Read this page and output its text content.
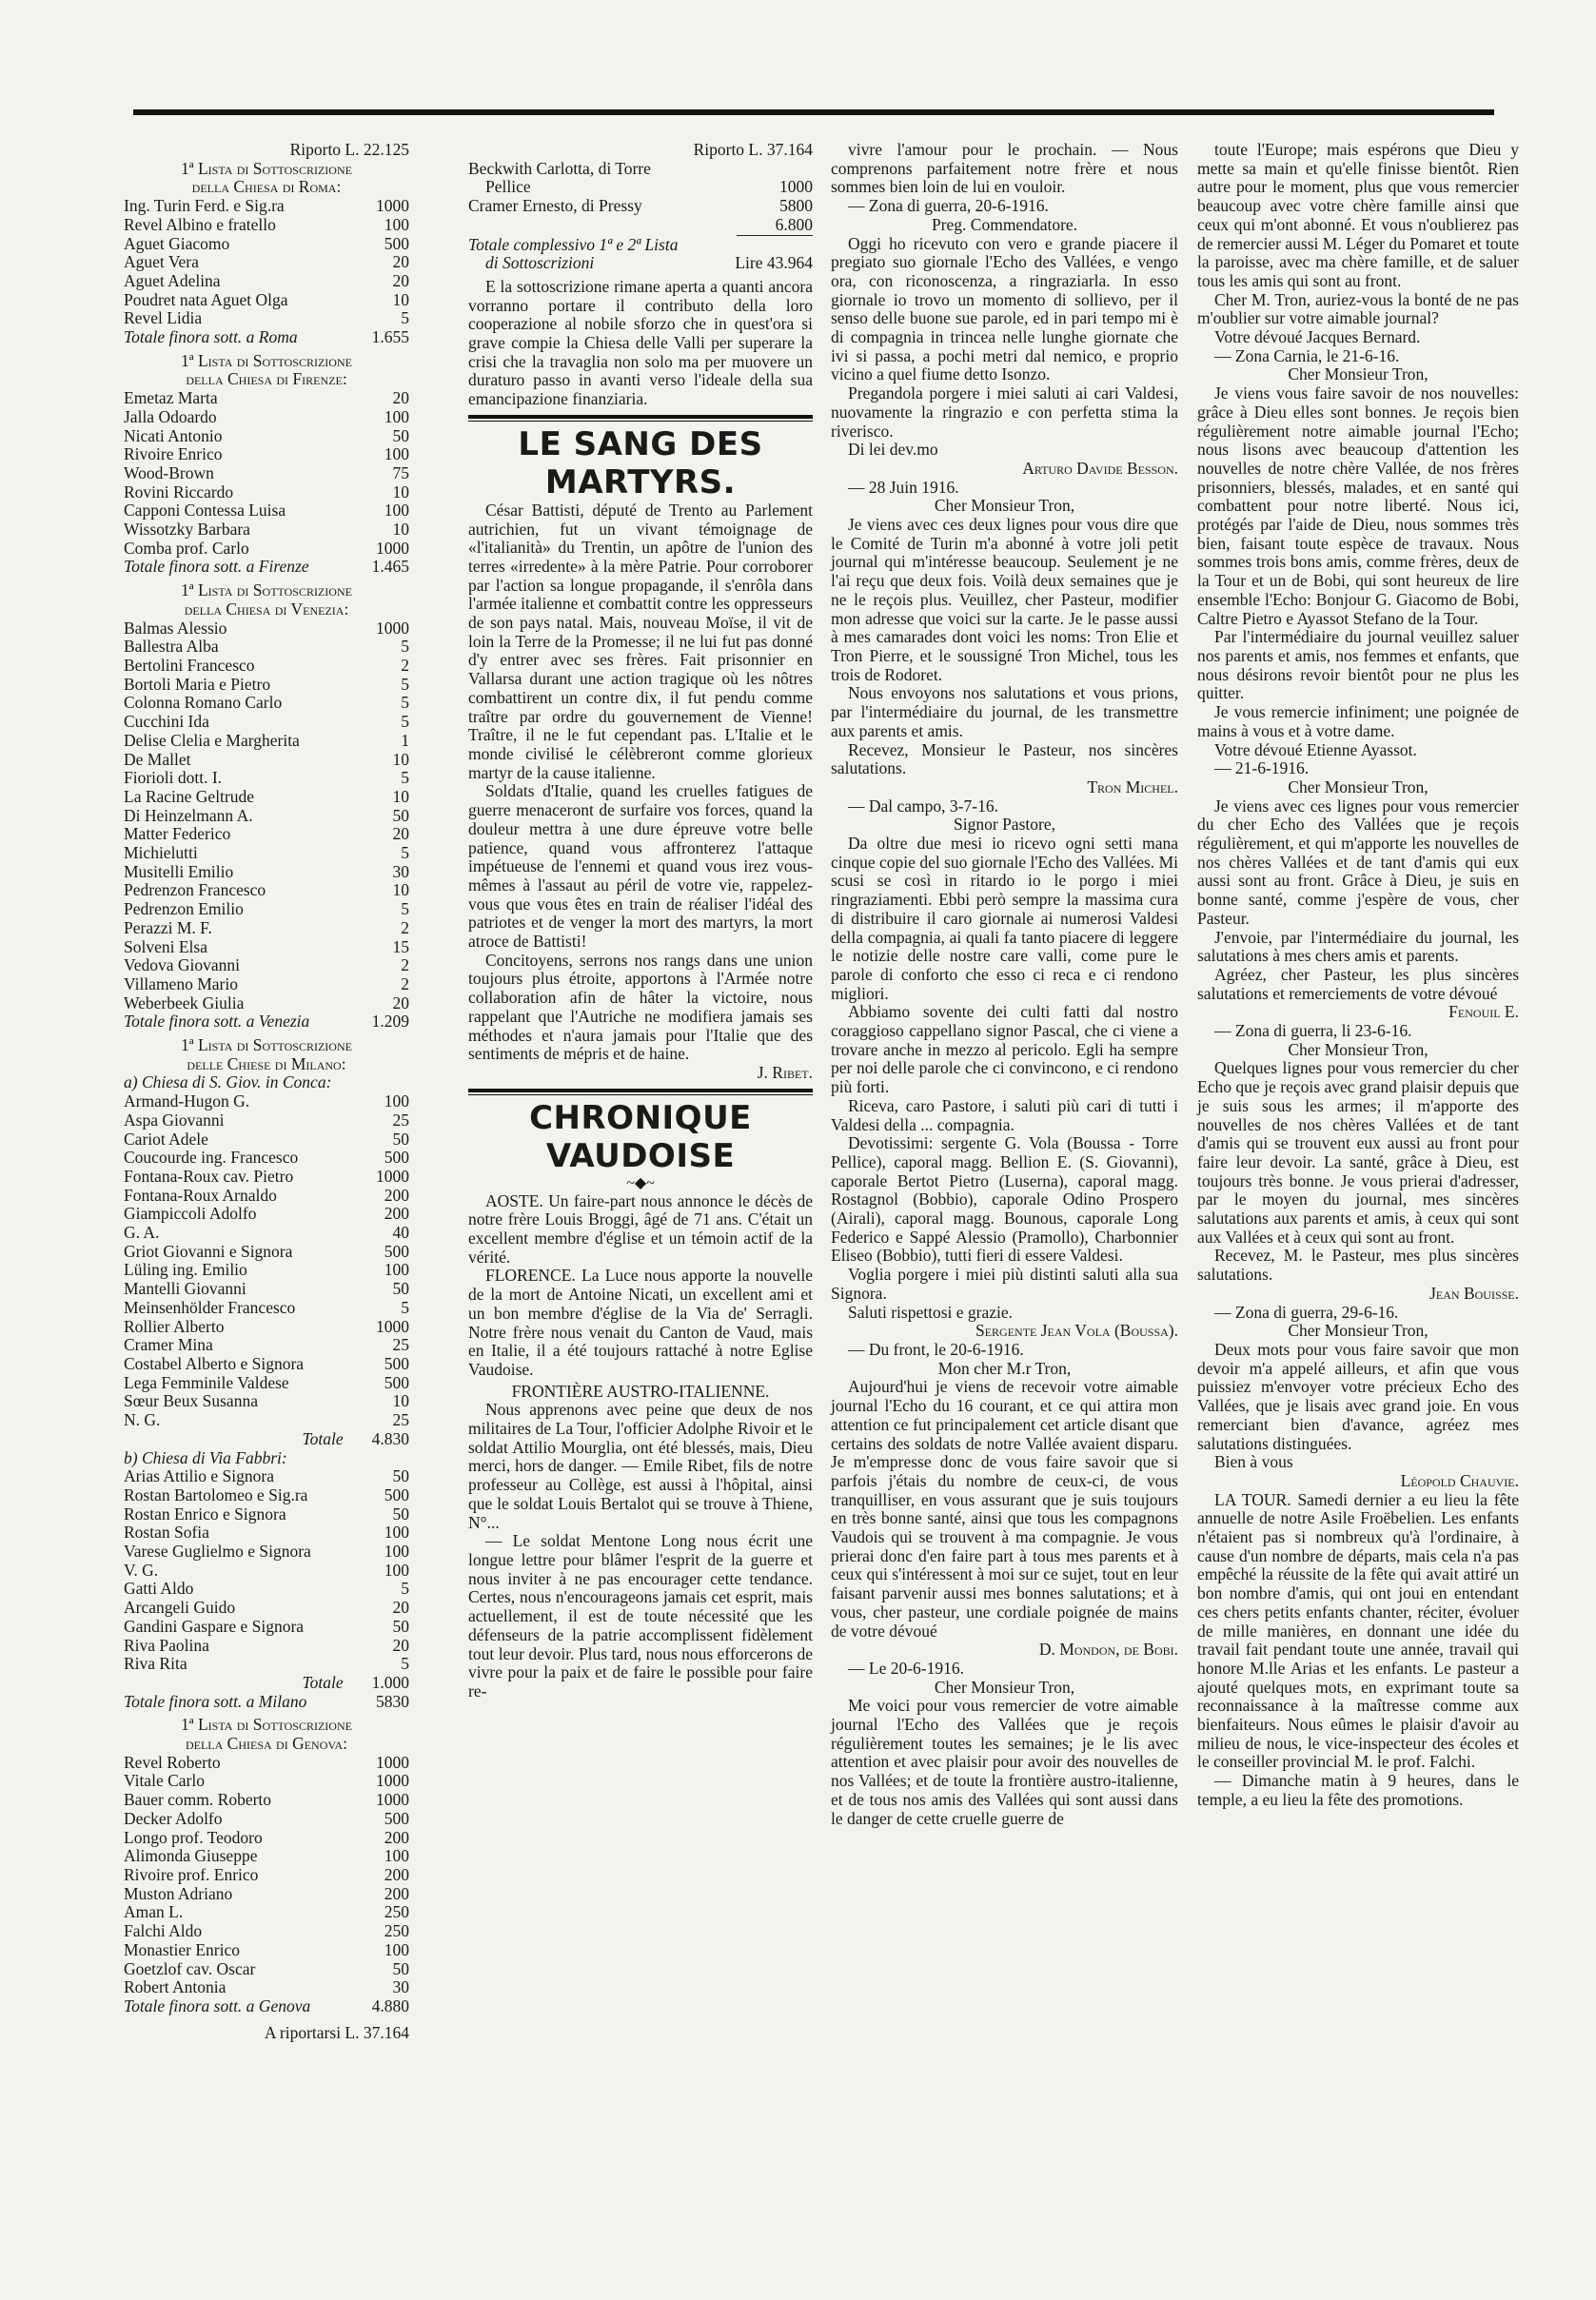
Riporto L. 22.125
1ª Lista di Sottoscrizione
della Chiesa di Roma:
Ing. Turin Ferd. e Sig.ra	1000
Revel Albino e fratello	100
Aguet Giacomo	500
Aguet Vera	20
Aguet Adelina	20
Poudret nata Aguet Olga	10
Revel Lidia	5
Totale finora sott. a Roma	1.655
1ª Lista di Sottoscrizione
della Chiesa di Firenze:
Emetaz Marta	20
Jalla Odoardo	100
Nicati Antonio	50
Rivoire Enrico	100
Wood-Brown	75
Rovini Riccardo	10
Capponi Contessa Luisa	100
Wissotzky Barbara	10
Comba prof. Carlo	1000
Totale finora sott. a Firenze	1.465
1ª Lista di Sottoscrizione
della Chiesa di Venezia:
Balmas Alessio	1000
Ballestra Alba	5
Bertolini Francesco	2
Bortoli Maria e Pietro	5
Colonna Romano Carlo	5
Cucchini Ida	5
Delise Clelia e Margherita	1
De Mallet	10
Fiorioli dott. I.	5
La Racine Geltrude	10
Di Heinzelmann A.	50
Matter Federico	20
Michielutti	5
Musitelli Emilio	30
Pedrenzon Francesco	10
Pedrenzon Emilio	5
Perazzi M. F.	2
Solveni Elsa	15
Vedova Giovanni	2
Villameno Mario	2
Weberbeek Giulia	20
Totale finora sott. a Venezia	1.209
1ª Lista di Sottoscrizione
delle Chiese di Milano:
a) Chiesa di S. Giov. in Conca:
Armand-Hugon G.	100
Aspa Giovanni	25
Cariot Adele	50
Coucourde ing. Francesco	500
Fontana-Roux cav. Pietro	1000
Fontana-Roux Arnaldo	200
Giampiccoli Adolfo	200
G. A.	40
Griot Giovanni e Signora	500
Lüling ing. Emilio	100
Mantelli Giovanni	50
Meinsenhölder Francesco	5
Rollier Alberto	1000
Cramer Mina	25
Costabel Alberto e Signora	500
Lega Femminile Valdese	500
Sœur Beux Susanna	10
N. G.	25
Totale 4.830
b) Chiesa di Via Fabbri:
Arias Attilio e Signora	50
Rostan Bartolomeo e Sig.ra	500
Rostan Enrico e Signora	50
Rostan Sofia	100
Varese Guglielmo e Signora	100
V. G.	100
Gatti Aldo	5
Arcangeli Guido	20
Gandini Gaspare e Signora	50
Riva Paolina	20
Riva Rita	5
Totale 1.000
Totale finora sott. a Milano	5830
1ª Lista di Sottoscrizione
della Chiesa di Genova:
Revel Roberto	1000
Vitale Carlo	1000
Bauer comm. Roberto	1000
Decker Adolfo	500
Longo prof. Teodoro	200
Alimonda Giuseppe	100
Rivoire prof. Enrico	200
Muston Adriano	200
Aman L.	250
Falchi Aldo	250
Monastier Enrico	100
Goetzlof cav. Oscar	50
Robert Antonia	30
Totale finora sott. a Genova	4.880
A riportarsi L. 37.164
Riporto L. 37.164
Beckwith Carlotta, di Torre
Pellice	1000
Cramer Ernesto, di Pressy	5800
6.800
Totale complessivo 1ª e 2ª Lista
di Sottoscrizioni	Lire 43.964

E la sottoscrizione rimane aperta a quanti ancora vorranno portare il contributo della loro cooperazione al nobile sforzo che in quest'ora si grave compie la Chiesa delle Valli per superare la crisi che la travaglia non solo ma per muovere un duraturo passo in avanti verso l'ideale della sua emancipazione finanziaria.

LE SANG DES MARTYRS.

César Battisti, député de Trento au Parlement autrichien, fut un vivant témoignage de «l'italianità» du Trentin, un apôtre de l'union des terres «irredente» à la mère Patrie. Pour corroborer par l'action sa longue propagande, il s'enrôla dans l'armée italienne et combattit contre les oppresseurs de son pays natal. Mais, nouveau Moïse, il vit de loin la Terre de la Promesse; il ne lui fut pas donné d'y entrer avec ses frères. Fait prisonnier en Vallarsa durant une action tragique où les nôtres combattirent un contre dix, il fut pendu comme traître par ordre du gouvernement de Vienne! Traître, il ne le fut cependant pas. L'Italie et le monde civilisé le célèbreront comme glorieux martyr de la cause italienne.

Soldats d'Italie, quand les cruelles fatigues de guerre menaceront de surfaire vos forces, quand la douleur mettra à une dure épreuve votre belle patience, quand vous affronterez l'attaque impétueuse de l'ennemi et quand vous irez vous-mêmes à l'assaut au péril de votre vie, rappelez-vous que vous êtes en train de réaliser l'idéal des patriotes et de venger la mort des martyrs, la mort atroce de Battisti!

Concitoyens, serrons nos rangs dans une union toujours plus étroite, apportons à l'Armée notre collaboration afin de hâter la victoire, nous rappelant que l'Autriche ne modifiera jamais ses méthodes et n'aura jamais pour l'Italie que des sentiments de mépris et de haine.

J. Ribet.
CHRONIQUE VAUDOISE
~◆~

AOSTE. Un faire-part nous annonce le décès de notre frère Louis Broggi, âgé de 71 ans. C'était un excellent membre d'église et un témoin actif de la vérité.

FLORENCE. La Luce nous apporte la nouvelle de la mort de Antoine Nicati, un excellent ami et un bon membre d'église de la Via de' Serragli. Notre frère nous venait du Canton de Vaud, mais en Italie, il a été toujours rattaché à notre Eglise Vaudoise.

FRONTIÈRE AUSTRO-ITALIENNE.

Nous apprenons avec peine que deux de nos militaires de La Tour, l'officier Adolphe Rivoir et le soldat Attilio Mourglia, ont été blessés, mais, Dieu merci, hors de danger. — Emile Ribet, fils de notre professeur au Collège, est aussi à l'hôpital, ainsi que le soldat Louis Bertalot qui se trouve à Thiene, N°...

— Le soldat Mentone Long nous écrit une longue lettre pour blâmer l'esprit de la guerre et nous inviter à ne pas encourager cette tendance. Certes, nous n'encourageons jamais cet esprit, mais actuellement, il est de toute nécessité que les défenseurs de la patrie accomplissent fidèlement tout leur devoir. Plus tard, nous nous efforcerons de vivre pour la paix et de faire le possible pour faire re-

vivre l'amour pour le prochain. — Nous comprenons parfaitement notre frère et nous sommes bien loin de lui en vouloir.

— Zona di guerra, 20-6-1916.

Preg. Commendatore.

Oggi ho ricevuto con vero e grande piacere il pregiato suo giornale l'Echo des Vallées, e vengo ora, con riconoscenza, a ringraziarla. In esso giornale io trovo un momento di sollievo, per il senso delle buone sue parole, ed in pari tempo mi è di compagnia in trincea nelle lunghe giornate che ivi si passa, a pochi metri dal nemico, e proprio vicino a quel fiume detto Isonzo.

Pregandola porgere i miei saluti ai cari Valdesi, nuovamente la ringrazio e con perfetta stima la riverisco.

Di lei dev.mo

Arturo Davide Besson.

— 28 Juin 1916.

Cher Monsieur Tron,

Je viens avec ces deux lignes pour vous dire que le Comité de Turin m'a abonné à votre joli petit journal qui m'intéresse beaucoup. Seulement je ne l'ai reçu que deux fois. Voilà deux semaines que je ne le reçois plus. Veuillez, cher Pasteur, modifier mon adresse que voici sur la carte. Je le passe aussi à mes camarades dont voici les noms: Tron Elie et Tron Pierre, et le soussigné Tron Michel, tous les trois de Rodoret.

Nous envoyons nos salutations et vous prions, par l'intermédiaire du journal, de les transmettre aux parents et amis.

Recevez, Monsieur le Pasteur, nos sincères salutations.

Tron Michel.

— Dal campo, 3-7-16.

Signor Pastore,

Da oltre due mesi io ricevo ogni setti mana cinque copie del suo giornale l'Echo des Vallées. Mi scusi se così in ritardo io le porgo i miei ringraziamenti. Ebbi però sempre la massima cura di distribuire il caro giornale ai numerosi Valdesi della compagnia, ai quali fa tanto piacere di leggere le notizie delle nostre care valli, come pure le parole di conforto che esso ci reca e ci rendono migliori.

Abbiamo sovente dei culti fatti dal nostro coraggioso cappellano signor Pascal, che ci viene a trovare anche in mezzo al pericolo. Egli ha sempre per noi delle parole che ci convincono, e ci rendono più forti.

Riceva, caro Pastore, i saluti più cari di tutti i Valdesi della ... compagnia.

Devotissimi: sergente G. Vola (Boussa - Torre Pellice), caporal magg. Bellion E. (S. Giovanni), caporale Bertot Pietro (Luserna), caporal magg. Rostagnol (Bobbio), caporale Odino Prospero (Airali), caporal magg. Bounous, caporale Long Federico e Sappé Alessio (Pramollo), Charbonnier Eliseo (Bobbio), tutti fieri di essere Valdesi.

Voglia porgere i miei più distinti saluti alla sua Signora.

Saluti rispettosi e grazie.

Sergente Jean Vola (Boussa).

— Du front, le 20-6-1916.

Mon cher M.r Tron,

Aujourd'hui je viens de recevoir votre aimable journal l'Echo du 16 courant, et ce qui attira mon attention ce fut principalement cet article disant que certains des soldats de notre Vallée avaient disparu. Je m'empresse donc de vous faire savoir que si parfois j'étais du nombre de ceux-ci, de vous tranquilliser, en vous assurant que je suis toujours en très bonne santé, ainsi que tous les compagnons Vaudois qui se trouvent à ma compagnie. Je vous prierai donc d'en faire part à tous mes parents et à ceux qui s'intéressent à moi sur ce sujet, tout en leur faisant parvenir aussi mes bonnes salutations; et à vous, cher pasteur, une cordiale poignée de mains de votre dévoué

D. Mondon, de Bobi.

— Le 20-6-1916.

Cher Monsieur Tron,

Me voici pour vous remercier de votre aimable journal l'Echo des Vallées que je reçois régulièrement toutes les semaines; je le lis avec attention et avec plaisir pour avoir des nouvelles de nos Vallées; et de toute la frontière austro-italienne, et de tous nos amis des Vallées qui sont aussi dans le danger de cette cruelle guerre de

toute l'Europe; mais espérons que Dieu y mette sa main et qu'elle finisse bientôt. Rien autre pour le moment, plus que vous remercier beaucoup avec votre chère famille ainsi que ceux qui m'ont abonné. Et vous n'oublierez pas de remercier aussi M. Léger du Pomaret et toute la paroisse, avec ma chère famille, et de saluer tous les amis qui sont au front.

Cher M. Tron, auriez-vous la bonté de ne pas m'oublier sur votre aimable journal?

Votre dévoué Jacques Bernard.

— Zona Carnia, le 21-6-16.

Cher Monsieur Tron,

Je viens vous faire savoir de nos nouvelles: grâce à Dieu elles sont bonnes. Je reçois bien régulièrement notre aimable journal l'Echo; nous lisons avec beaucoup d'attention les nouvelles de notre chère Vallée, de nos frères prisonniers, blessés, malades, et en santé qui combattent pour notre liberté. Nous ici, protégés par l'aide de Dieu, nous sommes très bien, faisant toute espèce de travaux. Nous sommes trois bons amis, comme frères, deux de la Tour et un de Bobi, qui sont heureux de lire ensemble l'Echo: Bonjour G. Giacomo de Bobi, Caltre Pietro e Ayassot Stefano de la Tour.

Par l'intermédiaire du journal veuillez saluer nos parents et amis, nos femmes et enfants, que nous désirons revoir bientôt pour ne plus les quitter.

Je vous remercie infiniment; une poignée de mains à vous et à votre dame.

Votre dévoué Etienne Ayassot.

— 21-6-1916.

Cher Monsieur Tron,

Je viens avec ces lignes pour vous remercier du cher Echo des Vallées que je reçois régulièrement, et qui m'apporte les nouvelles de nos chères Vallées et de tant d'amis qui eux aussi sont au front. Grâce à Dieu, je suis en bonne santé, comme j'espère de vous, cher Pasteur.

J'envoie, par l'intermédiaire du journal, les salutations à mes chers amis et parents.

Agréez, cher Pasteur, les plus sincères salutations et remerciements de votre dévoué

Fenouil E.

— Zona di guerra, li 23-6-16.

Cher Monsieur Tron,

Quelques lignes pour vous remercier du cher Echo que je reçois avec grand plaisir depuis que je suis sous les armes; il m'apporte des nouvelles de nos chères Vallées et de tant d'amis qui se trouvent eux aussi au front pour faire leur devoir. La santé, grâce à Dieu, est toujours très bonne. Je vous prierai d'adresser, par le moyen du journal, mes sincères salutations aux parents et amis, à ceux qui sont aux Vallées et à ceux qui sont au front.

Recevez, M. le Pasteur, mes plus sincères salutations.

Jean Bouisse.

— Zona di guerra, 29-6-16.

Cher Monsieur Tron,

Deux mots pour vous faire savoir que mon devoir m'a appelé ailleurs, et afin que vous puissiez m'envoyer votre précieux Echo des Vallées, que je lisais avec grand joie. En vous remerciant bien d'avance, agréez mes salutations distinguées.

Bien à vous

Léopold Chauvie.

LA TOUR. Samedi dernier a eu lieu la fête annuelle de notre Asile Froëbelien. Les enfants n'étaient pas si nombreux qu'à l'ordinaire, à cause d'un nombre de départs, mais cela n'a pas empêché la réussite de la fête qui avait attiré un bon nombre d'amis, qui ont joui en entendant ces chers petits enfants chanter, réciter, évoluer de mille manières, en donnant une idée du travail fait pendant toute une année, travail qui honore M.lle Arias et les enfants. Le pasteur a ajouté quelques mots, en exprimant toute sa reconnaissance à la maîtresse comme aux bienfaiteurs. Nous eûmes le plaisir d'avoir au milieu de nous, le vice-inspecteur des écoles et le conseiller provincial M. le prof. Falchi.

— Dimanche matin à 9 heures, dans le temple, a eu lieu la fête des promotions.
